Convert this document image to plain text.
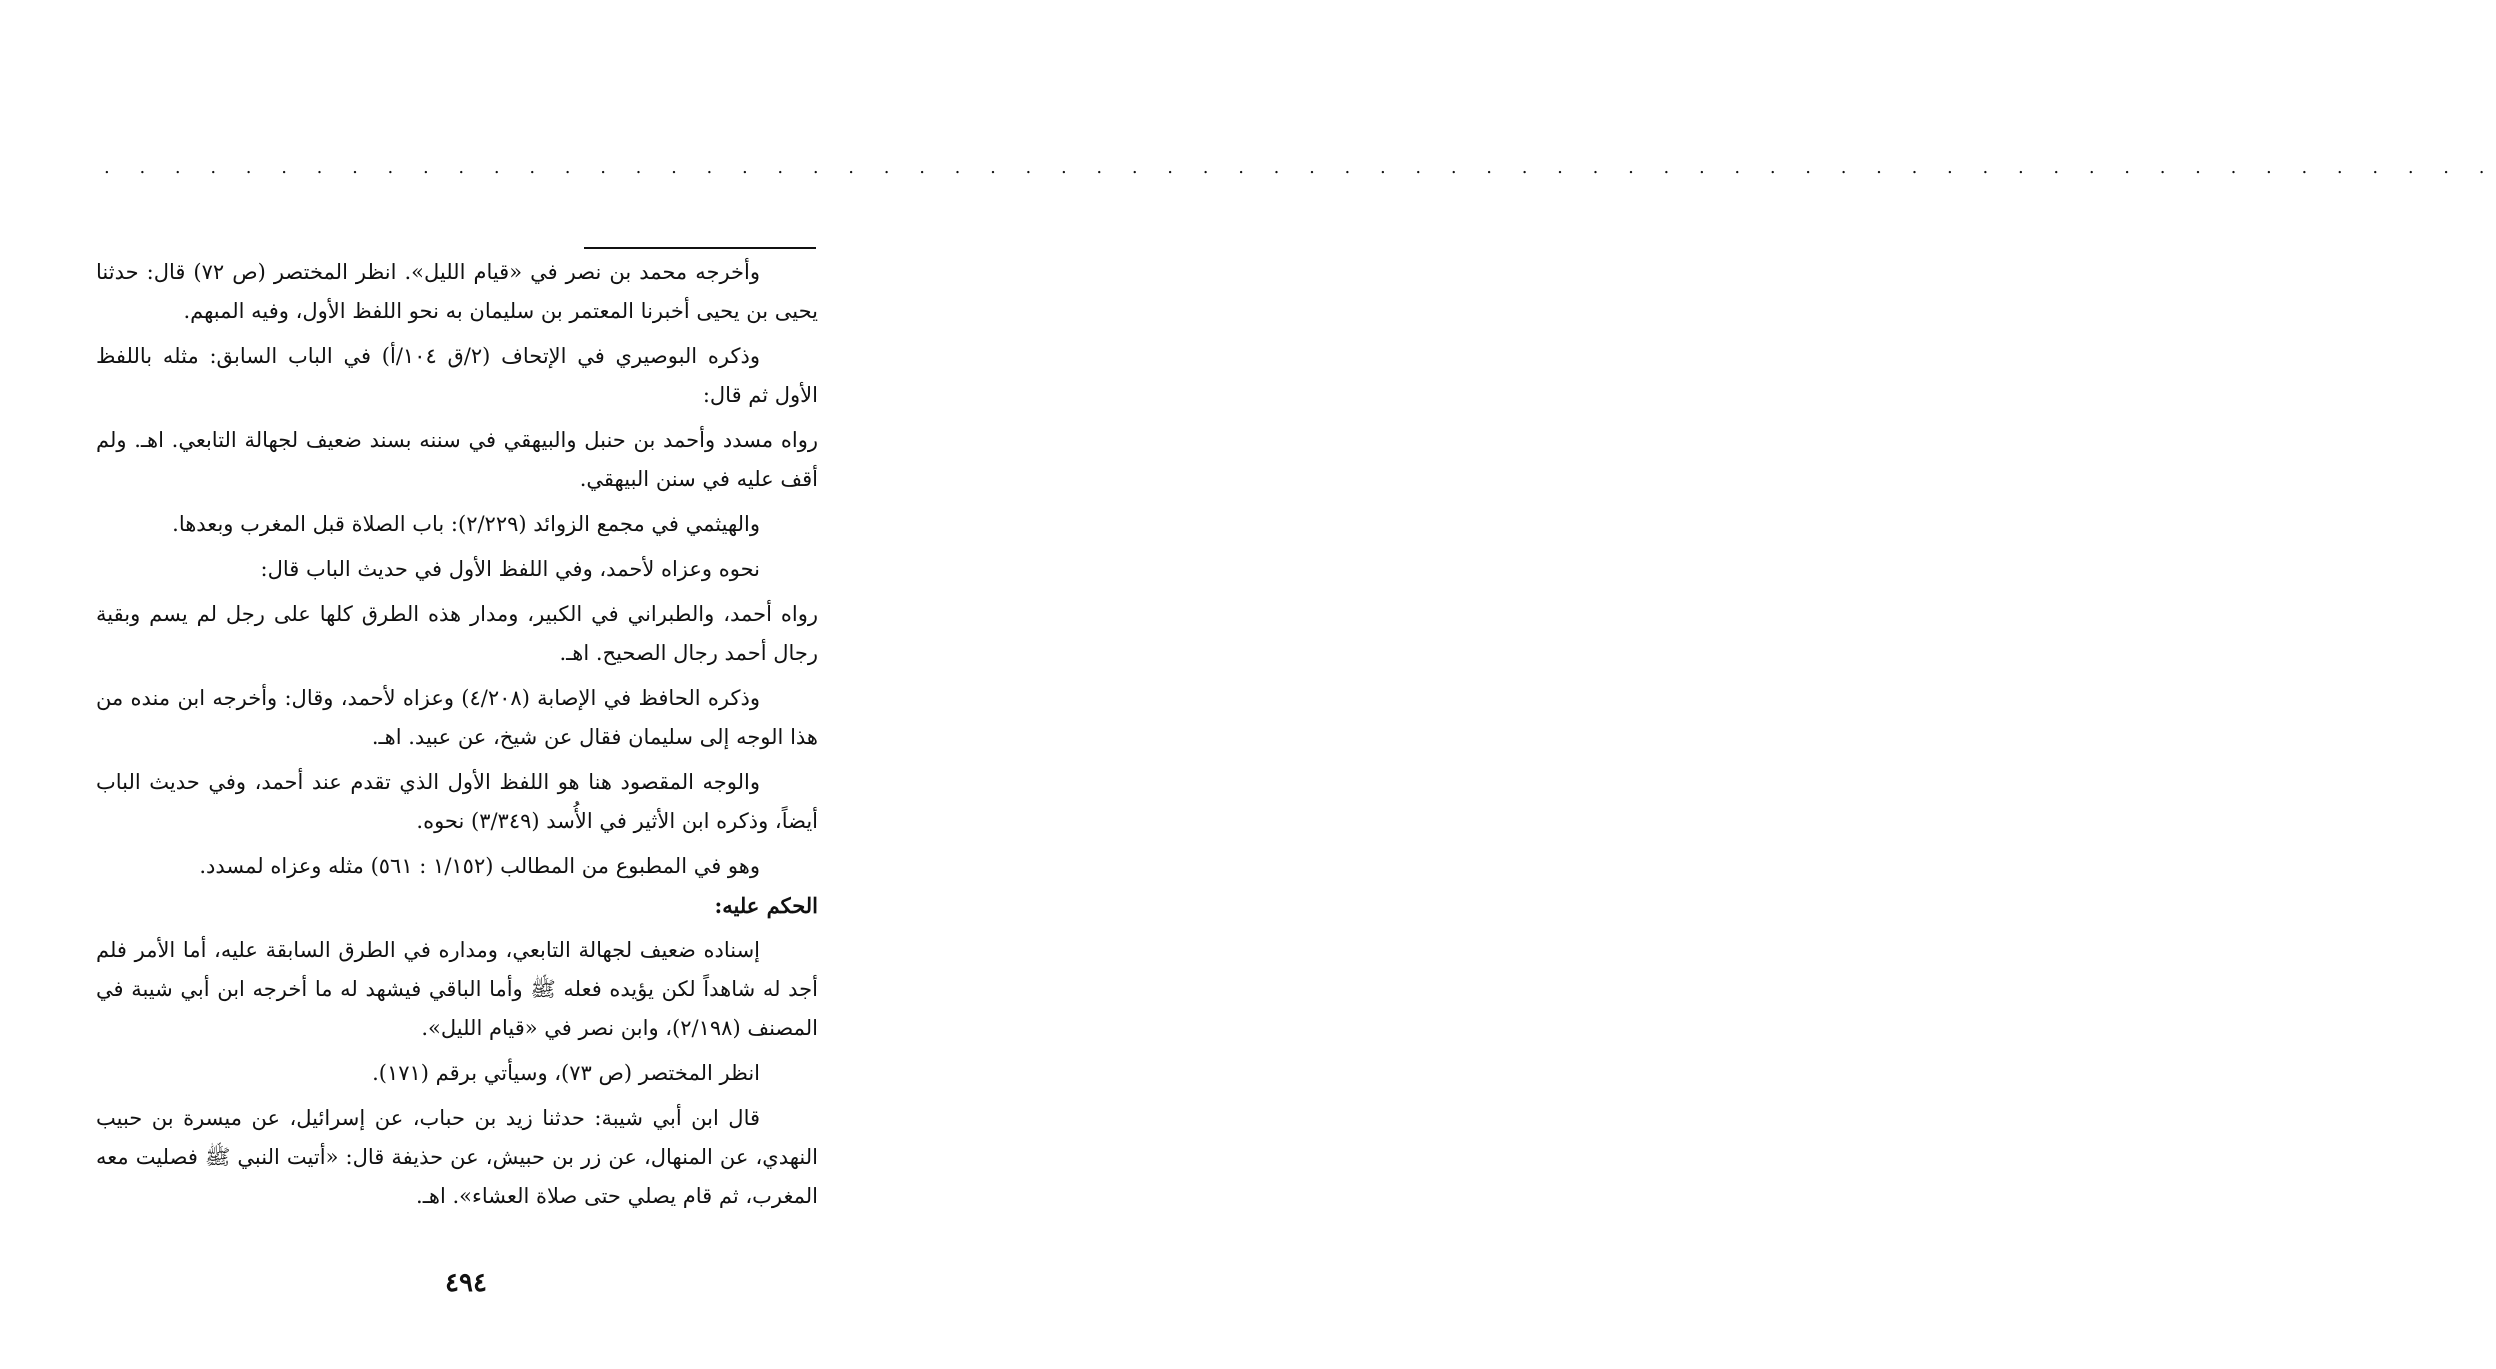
. . . . . . . . . . . . . . . . . . . . . . . . . . . . . . . . . . . . . . . . . . . . . . . . . . . . . . . . . . . . . . . . . . . .

وأخرجه محمد بن نصر في «قيام الليل». انظر المختصر (ص ٧٢) قال: حدثنا يحيى بن يحيى أخبرنا المعتمر بن سليمان به نحو اللفظ الأول، وفيه المبهم.

وذكره البوصيري في الإتحاف (٢/ق ١٠٤/أ) في الباب السابق: مثله باللفظ الأول ثم قال:

رواه مسدد وأحمد بن حنبل والبيهقي في سننه بسند ضعيف لجهالة التابعي. اهـ. ولم أقف عليه في سنن البيهقي.

والهيثمي في مجمع الزوائد (٢/٢٢٩): باب الصلاة قبل المغرب وبعدها.

نحوه وعزاه لأحمد، وفي اللفظ الأول في حديث الباب قال:

رواه أحمد، والطبراني في الكبير، ومدار هذه الطرق كلها على رجل لم يسم وبقية رجال أحمد رجال الصحيح. اهـ.

وذكره الحافظ في الإصابة (٤/٢٠٨) وعزاه لأحمد، وقال: وأخرجه ابن منده من هذا الوجه إلى سليمان فقال عن شيخ، عن عبيد. اهـ.

والوجه المقصود هنا هو اللفظ الأول الذي تقدم عند أحمد، وفي حديث الباب أيضاً، وذكره ابن الأثير في الأُسد (٣/٣٤٩) نحوه.

وهو في المطبوع من المطالب (١/١٥٢ : ٥٦١) مثله وعزاه لمسدد.

الحكم عليه:

إسناده ضعيف لجهالة التابعي، ومداره في الطرق السابقة عليه، أما الأمر فلم أجد له شاهداً لكن يؤيده فعله ﷺ وأما الباقي فيشهد له ما أخرجه ابن أبي شيبة في المصنف (٢/١٩٨)، وابن نصر في «قيام الليل».

انظر المختصر (ص ٧٣)، وسيأتي برقم (١٧١).

قال ابن أبي شيبة: حدثنا زيد بن حباب، عن إسرائيل، عن ميسرة بن حبيب النهدي، عن المنهال، عن زر بن حبيش، عن حذيفة قال: «أتيت النبي ﷺ فصليت معه المغرب، ثم قام يصلي حتى صلاة العشاء». اهـ.

٤٩٤
